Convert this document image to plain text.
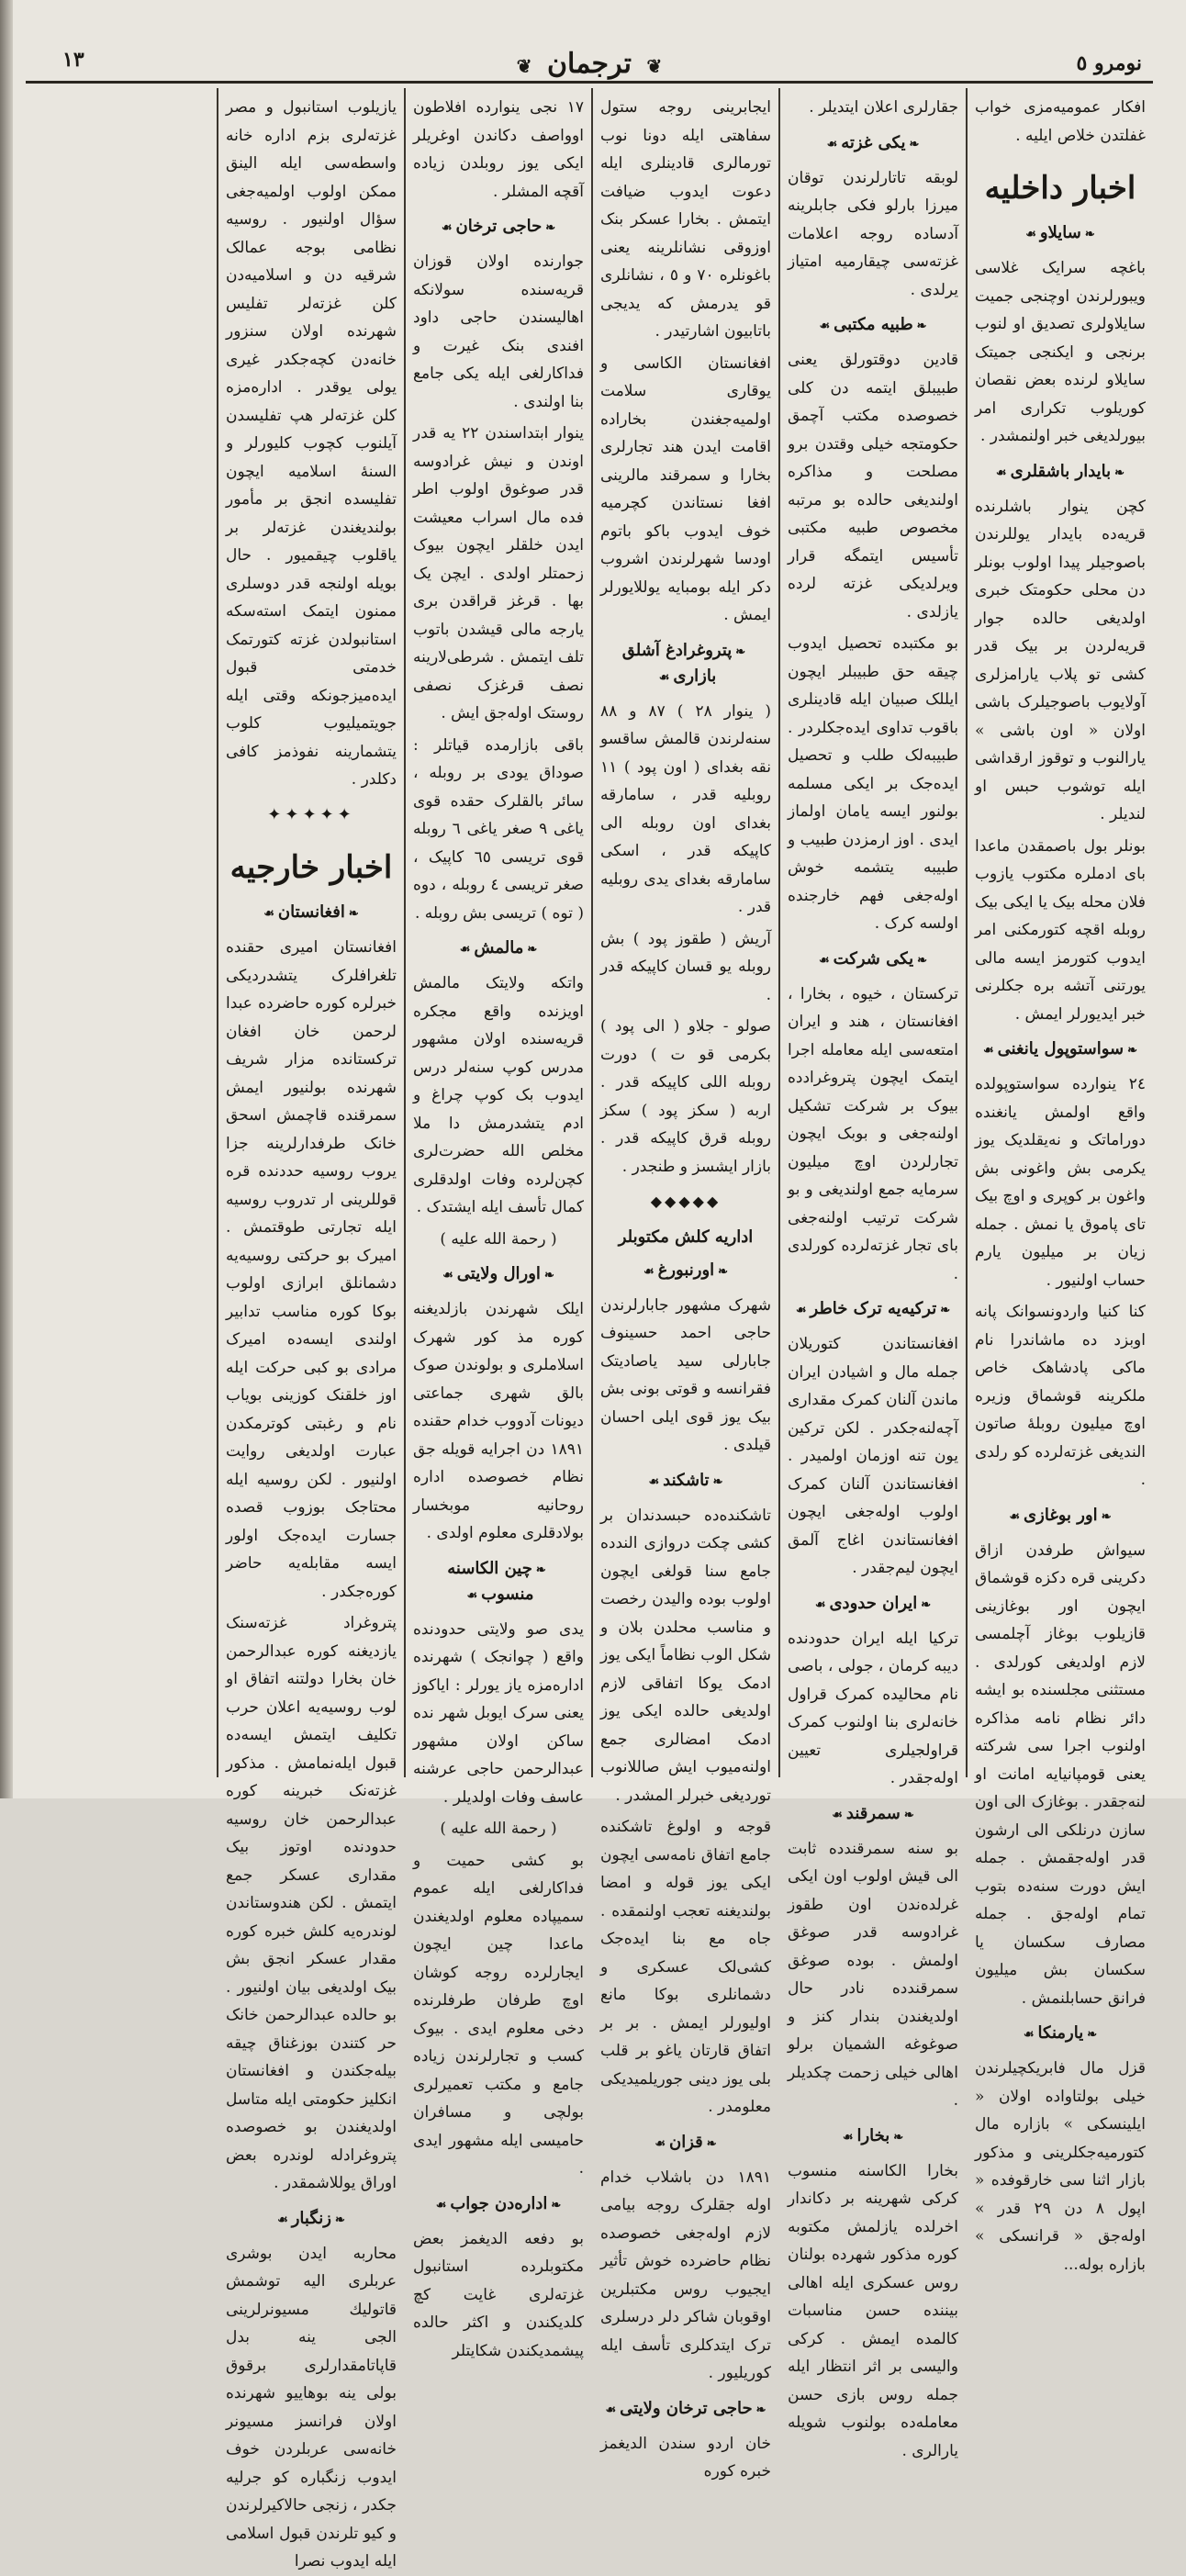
نومرو ٥
❦ ترجمان ❦
١٣

افكار عمومیه‌مزی خواب غفلتدن خلاص ایلیه .

اخبار داخلیه
❧سایلاو☙

باغچه سرایک غلاسی ویبورلرندن اوچنجی جمیت سایلاولری تصدیق او لنوب برنجی و ایکنجی جمیتک سایلاو لرنده بعض نقصان کوریلوب تکراری امر بیورلدیغی خبر اولنمشدر .

❧بایدار باشقلری☙

کچن ینوار باشلرنده قریه‌ده بایدار یوللرندن باصوجیلر پیدا اولوب بونلر دن محلی حکومتک خبری اولدیغی حالده جوار قریه‌لردن بر بیک قدر کشی تو پلاب یارامزلری آولایوب باصوجیلرک باشی اولان « اون باشی » یارالنوب و توقوز ارقداشی ایله توشوب حبس او لندیلر .

بونلر بول باصمقدن ماعدا بای ادملره مکتوب یازوب فلان محله بیک یا ایکی بیک روبله اقچه کتورمکنی امر ایدوب کتورمز ایسه مالی یورتنی آتشه بره جکلرنی خبر ایدیورلر ایمش .

❧سواستوپول یانغنی☙

٢٤ ینوارده سواستوپولده واقع اولمش یانغنده دوراماتک و نه‌یقلدیک یوز یکرمی بش واغونی بش واغون بر کوپری و اوچ بیک تای پاموق یا نمش . جمله زیان بر میلیون یارم حساب اولنیور .

کنا کنیا واردونسوانک پانه اوبزد ده ماشاندرا نام ماکی پادشاهک خاص ملکرینه قوشماق وزیره اوچ میلیون روبلهٔ صاتون الندیغی غزته‌لرده کو رلدی .

❧اور بوغازی☙

سیواش طرفدن ازاق دکرینی قره دکزه قوشماق ایچون اور بوغازینی قازیلوب بوغاز آچلمسی لازم اولدیغی کورلدی . مستثنی مجلسنده بو ایشه دائر نظام نامه مذاکره اولنوب اجرا سی شرکته یعنی قومپانیایه امانت او لنه‌جقدر . بوغازک الی اون سازن درنلکی الی ارشون قدر اوله‌جقمش . جمله ایش دورت سنه‌ده بتوب تمام اوله‌جق . جمله مصارف سکسان یا سکسان بش میلیون فرانق حسابلنمش .

❧یارمنکا☙

قزل مال فابریکچیلرندن خیلی بولتاواده اولان « ایلینسکی » بازاره مال کتورمیه‌جکلرینی و مذکور بازار اثنا سی خارقوفده « اپول ٨ دن ٢٩ قدر » اوله‌جق « قرانسکی » بازاره بوله...

جقارلری اعلان ایتدیلر .

❧یکی غزته☙

لوبقه تاتارلرندن توقان میرزا بارلو فکی جابلرینه آدساده روجه اعلامات غزته‌سی چیقارمیه امتیاز یرلدی .

❧طبیه مکتبی☙

قادین دوقتورلق یعنی طبیبلق ایتمه دن کلی خصوصده مکتب آچمق حکومتجه خیلی وقتدن برو مصلحت و مذاکره اولندیغی حالده بو مرتبه مخصوص طبیه مکتبی تأسیس ایتمگه قرار ویرلدیکی غزته لرده یازلدی .

بو مکتبده تحصیل ایدوب چیقه حق طبیبلر ایچون ایللک صبیان ایله قادینلری باقوب تداوی ایده‌جکلردر . طبیبه‌لک طلب و تحصیل ایده‌جک بر ایکی مسلمه بولنور ایسه یامان اولماز ایدی . اوز ارمزدن طبیب و طبیبه یتشمه خوش اوله‌جغی فهم خارجنده اولسه کرک .

❧یکی شرکت☙

ترکستان ، خیوه ، بخارا ، افغانستان ، هند و ایران امتعه‌سی ایله معامله اجرا ایتمک ایچون پتروغرادده بیوک بر شرکت تشکیل اولنه‌جغی و بوبک ایچون تجارلردن اوچ میلیون سرمایه جمع اولندیغی و بو شرکت ترتیب اولنه‌جغی بای تجار غزته‌لرده کورلدی .

❧ترکیه‌یه ترک خاطر☙

افغانستاندن کتوریلان جمله مال و اشیادن ایران ماندن آلنان کمرک مقداری آچه‌لنه‌جکدر . لکن ترکین یون تنه اوزمان اولمیدر . افغانستاندن آلنان کمرک اولوب اوله‌جغی ایچون افغانستاندن اغاج آلمق ایچون لیم‌جقدر .

❧ایران حدودی☙

ترکیا ایله ایران حدودنده دیبه کرمان ، جولی ، باصی نام محالیده کمرک قراول خانه‌لری بنا اولنوب کمرک قراولجیلری تعیین اوله‌جقدر .

❧سمرقند☙

بو سنه سمرقندده ثابت الی قیش اولوب اون ایکی غرلده‌ندن اون طقوز غرادوسه قدر صوغق اولمش . بوده صوغق سمرقندده نادر حال اولدیغندن بندار کنز و صوغوغه الشمیان برلو اهالی خیلی زحمت چکدیلر .

❧بخارا☙

بخارا الکاسنه منسوب کرکی شهرینه بر دکاندار اخرلده یازلمش مکتوبه کوره مذکور شهرده بولنان روس عسکری ایله اهالی بیننده حسن مناسبات کالمده ایمش . کرکی والیسی بر اثر انتظار ایله جمله روس بازی حسن معامله‌ده بولنوب شویله یارالری .

ایجابرینی روجه ستول سفاهتی ایله دونا نوب تورمالری قادینلری ایله دعوت ایدوب ضیافت ایتمش . بخارا عسکر بنک اوزوقی نشانلرینه یعنی باغونلره ٧٠ و ٥ ، نشانلری قو یدرمش که یدیجی باتابیون اشارتیدر .

افغانستان الکاسی و یوقاری سلامت اولمیه‌جغندن بخاراده اقامت ایدن هند تجارلری بخارا و سمرقند مالرینی افغا نستاندن کچرمیه خوف ایدوب باکو باتوم اودسا شهرلرندن اشروب دکر ایله بومبایه یوللایورلر ایمش .

❧پتروغرادغ آشلق بازاری☙

( ینوار ٢٨ ) ٨٧ و ٨٨ سنه‌لرندن قالمش ساقسو نقه بغدای ( اون پود ) ١١ روبلیه قدر ، سامارقه بغدای اون روبله الی کاپیکه قدر ، اسکی سامارقه بغدای یدی روبلیه قدر .

آریش ( طقوز پود ) بش روبله یو قسان کاپیکه قدر .

صولو - جلاو ( الی پود ) بکرمی قو ت ) دورت روبله اللی کاپیکه قدر . اربه ( سکز پود ) سکز روبله قرق کاپیکه قدر . بازار ایشسز و طنجدر .

◆◆◆◆◆
اداریه کلش مکتوبلر
❧اورنبورغ☙

شهرک مشهور جابارلرندن حاجی احمد حسینوف جابارلی سید یاصادیتک فقرانسه و قوتی بونی بش بیک یوز قوی ایلی احسان قیلدی .

❧تاشکند☙

تاشکنده‌ده حبسدندان بر کشی چکت دروازی الندده جامع سنا قولغی ایچون اولوب بوده والیدن رخصت و مناسب محلدن بلان و شکل الوب نظاماً ایکی یوز ادمک یوکا اتفاقی لازم اولدیغی حالده ایکی یوز ادمک امضالری جمع اولنه‌میوب ایش صاللانوب توردیغی خبرلر المشدر .

قوجه و اولوغ تاشکنده جامع اتفاق نامه‌سی ایچون ایکی یوز قوله و امضا بولندیغنه تعجب اولنمقده . جاه مع بنا ایده‌جک کشی‌لک عسکری و دشمانلری بوکا مانع اولیورلر ایمش . بر بر اتفاق قارتان یاغو بر قلب بلی یوز دینی جوریلمیدیکی معلومدر .

❧قزان☙

١٨٩١ دن باشلاب خدام اوله جقلرک روجه بیامی لازم اوله‌جغی خصوصده نظام حاضرده خوش تأثیر ایجیوب روس مکتبلرین اوقوبان شاکر دلر درسلری ترک ایتدکلری تأسف ایله کوریلیور .

❧حاجی ترخان ولایتی☙

خان اردو سندن الدیغمز خبره کوره

١٧ نجی ینوارده افلاطون اوواصف دکاندن اوغریلر ایکی یوز روبلدن زیاده آقچه المشلر .

❧حاجی ترخان☙

جوارنده اولان قوزان قریه‌سنده سولانکه اهالیسندن حاجی داود افندی بنک غیرت و فداکارلغی ایله یکی جامع بنا اولندی .

ینوار ابتداسندن ٢٢ یه قدر اوندن و نیش غرادوسه قدر صوغوق اولوب اطر فده مال اسراب معیشت ایدن خلقلر ایچون بیوک زحمتلر اولدی . ایچن یک بها . قرغز قراقدن بری یارجه مالی قیشدن باتوب تلف ایتمش . شرطی‌لارینه نصف قرغزک نصفی روستک اوله‌جق ایش .

باقی بازارمده قیاتلر : صوداق یودی بر روبله ، سائر بالقلرک حقده قوی یاغی ٩ صغر یاغی ٦ روبله قوی تریسی ٦٥ کاپیک ، صغر تریسی ٤ روبله ، دوه ( توه ) تریسی بش روبله .

❧مالمش☙

واتکه ولایتک مالمش اویزنده واقع مجکره قریه‌سنده اولان مشهور مدرس کوپ سنه‌لر درس ایدوب بک کوپ چراغ و ادم یتشدرمش دا ملا مخلص الله حضرت‌لری کچن‌لرده وفات اولدقلری کمال تأسف ایله ایشتدک .

( رحمة الله علیه )

❧اورال ولایتی☙

ایلک شهرندن بازلدیغنه کوره مذ کور شهرک اسلاملری و بولوندن صوک بالق شهری جماعتی دیونات آدووب خدام حقنده ١٨٩١ دن اجرایه قویله جق نظام خصوصده اداره روحانیه موبخسار بولادقلری معلوم اولدی .

❧چین الکاسنه منسوب☙

یدی صو ولایتی حدودنده واقع ( چوانجک ) شهرنده اداره‌مزه یاز یورلر : ایاکوز یعنی سرک ایوبل شهر نده ساکن اولان مشهور عبدالرحمن حاجی عرشنه عاسف وفات اولدیلر .

( رحمة الله علیه )

بو کشی حمیت و فداکارلغی ایله عموم سمیپاده معلوم اولدیغندن ماعدا چین ایچون ایجارلرده روجه کوشان اوچ طرفان طرفلرنده دخی معلوم ایدی . بیوک کسب و تجارلرندن زیاده جامع و مکتب تعمیرلری بولچی و مسافران حامیسی ایله مشهور ایدی .

❧ادارەدن جواب☙

بو دفعه الدیغمز بعض مکتوبلرده استانبول غزته‌لری غایت کچ کلدیکندن و اکثر حالده پیشمدیکندن شکایتلر

یازیلوب استانبول و مصر غزته‌لری بزم اداره خانه واسطه‌سی ایله الینق ممکن اولوب اولمیه‌جغی سؤال اولنیور . روسیه نظامی بوجه عمالک شرقیه دن و اسلامیه‌دن کلن غزته‌لر تفلیس شهرنده اولان سنزور خانه‌دن کچه‌جکدر غیری یولی یوقدر . ادارەمزه کلن غزته‌لر هپ تفلیسدن آیلنوب کچوب کلیورلر و السنهٔ اسلامیه ایچون تفلیسده انجق بر مأمور بولندیغندن غزته‌لر بر یاقلوب چیقمیور . حال بویله اولنجه قدر دوسلری ممنون ایتمک استه‌سکه استانبولدن غزته کتورتمک خدمتی قبول ایده‌میزجونکه وقتی ایله جویتمیلیوب کلوب یتشمارینه نفوذمز کافی دکلدر .

✦✦✦✦✦
اخبار خارجیه
❧افغانستان☙

افغانستان امیری حقنده تلغرافلرک یتشدردیکی خبرلره کوره حاضرده عبدا لرحمن خان افغان ترکستانده مزار شریف شهرنده بولنیور ایمش سمرقنده قاچمش اسحق خانک طرفدارلرینه جزا یروب روسیه حددنده قره قوللرینی ار تدروب روسیه ایله تجارتی طوقتمش . امیرک بو حرکتی روسیه‌یه دشمانلق ابرازی اولوب بوکا کوره مناسب تدابیر اولندی ایسه‌ده امیرک مرادی بو کبی حرکت ایله اوز خلقنک کوزینی بویاب نام و رغبتی کوترمکدن عبارت اولدیغی روایت اولنیور . لکن روسیه ایله محتاجک بوزوب قصده جسارت ایده‌جک اولور ایسه مقابله‌یه حاضر کوره‌جکدر .

پتروغراد غزته‌سنک یازدیغنه کوره عبدالرحمن خان بخارا دولتنه اتفاق او لوب روسیه‌یه اعلان حرب تکلیف ایتمش ایسه‌ده قبول ایله‌نمامش . مذکور غزته‌نک خبرینه کوره عبدالرحمن خان روسیه حدودنده اوتوز بیک مقداری عسکر جمع ایتمش . لکن هندوستاندن لوندره‌یه کلش خبره کوره مقدار عسکر انجق بش بیک اولدیغی بیان اولنیور . بو حالده عبدالرحمن خانک حر کتندن بوزغناق چیقه بیله‌جکندن و افغانستان انکلیز حکومتی ایله متاسل اولدیغندن بو خصوصده پتروغرادله لوندره بعض اوراق یوللاشمقدر .

❧زنگبار☙

محاربه ایدن بوشری عربلری الیه توشمش قاتوليك مسیونرلرینی الجی ینه بدل قاپاتامقدارلری برقوق بولی ینه بوهاییو شهرنده اولان فرانسز مسیونر خانه‌سی عربلردن خوف ایدوب زنگباره کو جرلیه جکدر ، زنجی حالاکیرلرندن و کیو تلرندن قبول اسلامی ایله ایدوب نصرا
